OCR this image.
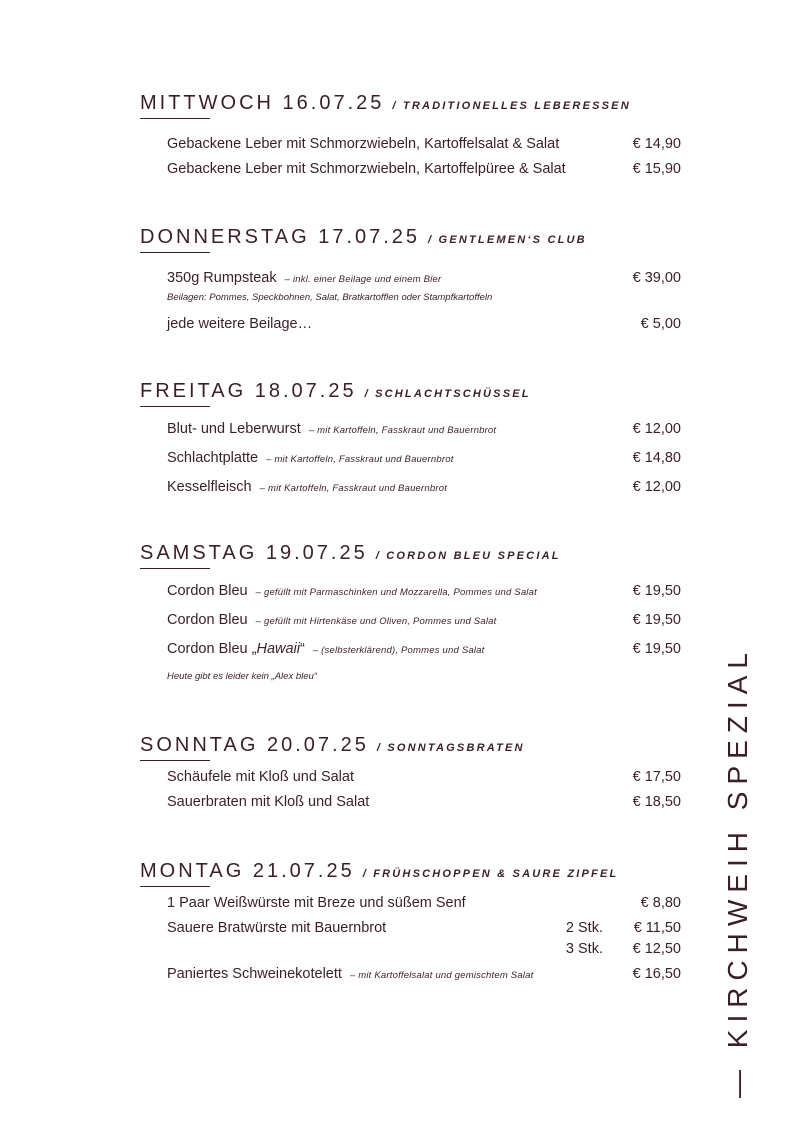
MITTWOCH 16.07.25 / TRADITIONELLES LEBERESSEN
Gebackene Leber mit Schmorzwiebeln, Kartoffelsalat & Salat	€ 14,90
Gebackene Leber mit Schmorzwiebeln, Kartoffelpüree & Salat	€ 15,90
DONNERSTAG 17.07.25 / GENTLEMEN‘S CLUB
350g Rumpsteak – inkl. einer Beilage und einem Bier	€ 39,00
Beilagen: Pommes, Speckbohnen, Salat, Bratkartofflen oder Stampfkartoffeln
jede weitere Beilage…	€ 5,00
FREITAG 18.07.25 / SCHLACHTSCHÜSSEL
Blut- und Leberwurst – mit Kartoffeln, Fasskraut und Bauernbrot	€ 12,00
Schlachtplatte – mit Kartoffeln, Fasskraut und Bauernbrot	€ 14,80
Kesselfleisch – mit Kartoffeln, Fasskraut und Bauernbrot	€ 12,00
SAMSTAG 19.07.25 / CORDON BLEU SPECIAL
Cordon Bleu – gefüllt mit Parmaschinken und Mozzarella, Pommes und Salat	€ 19,50
Cordon Bleu – gefüllt mit Hirtenkäse und Oliven, Pommes und Salat	€ 19,50
Cordon Bleu „Hawaii“ – (selbsterklärend), Pommes und Salat	€ 19,50
Heute gibt es leider kein „Alex bleu“
SONNTAG 20.07.25 / SONNTAGSBRATEN
Schäufele mit Kloß und Salat	€ 17,50
Sauerbraten mit Kloß und Salat	€ 18,50
MONTAG 21.07.25 / FRÜHSCHOPPEN & SAURE ZIPFEL
1 Paar Weißwürste mit Breze und süßem Senf	€ 8,80
Sauere Bratwürste mit Bauernbrot	2 Stk. € 11,50
3 Stk. € 12,50
Paniertes Schweinekotelett – mit Kartoffelsalat und gemischtem Salat	€ 16,50 — KIRCHWEIH SPEZIAL
